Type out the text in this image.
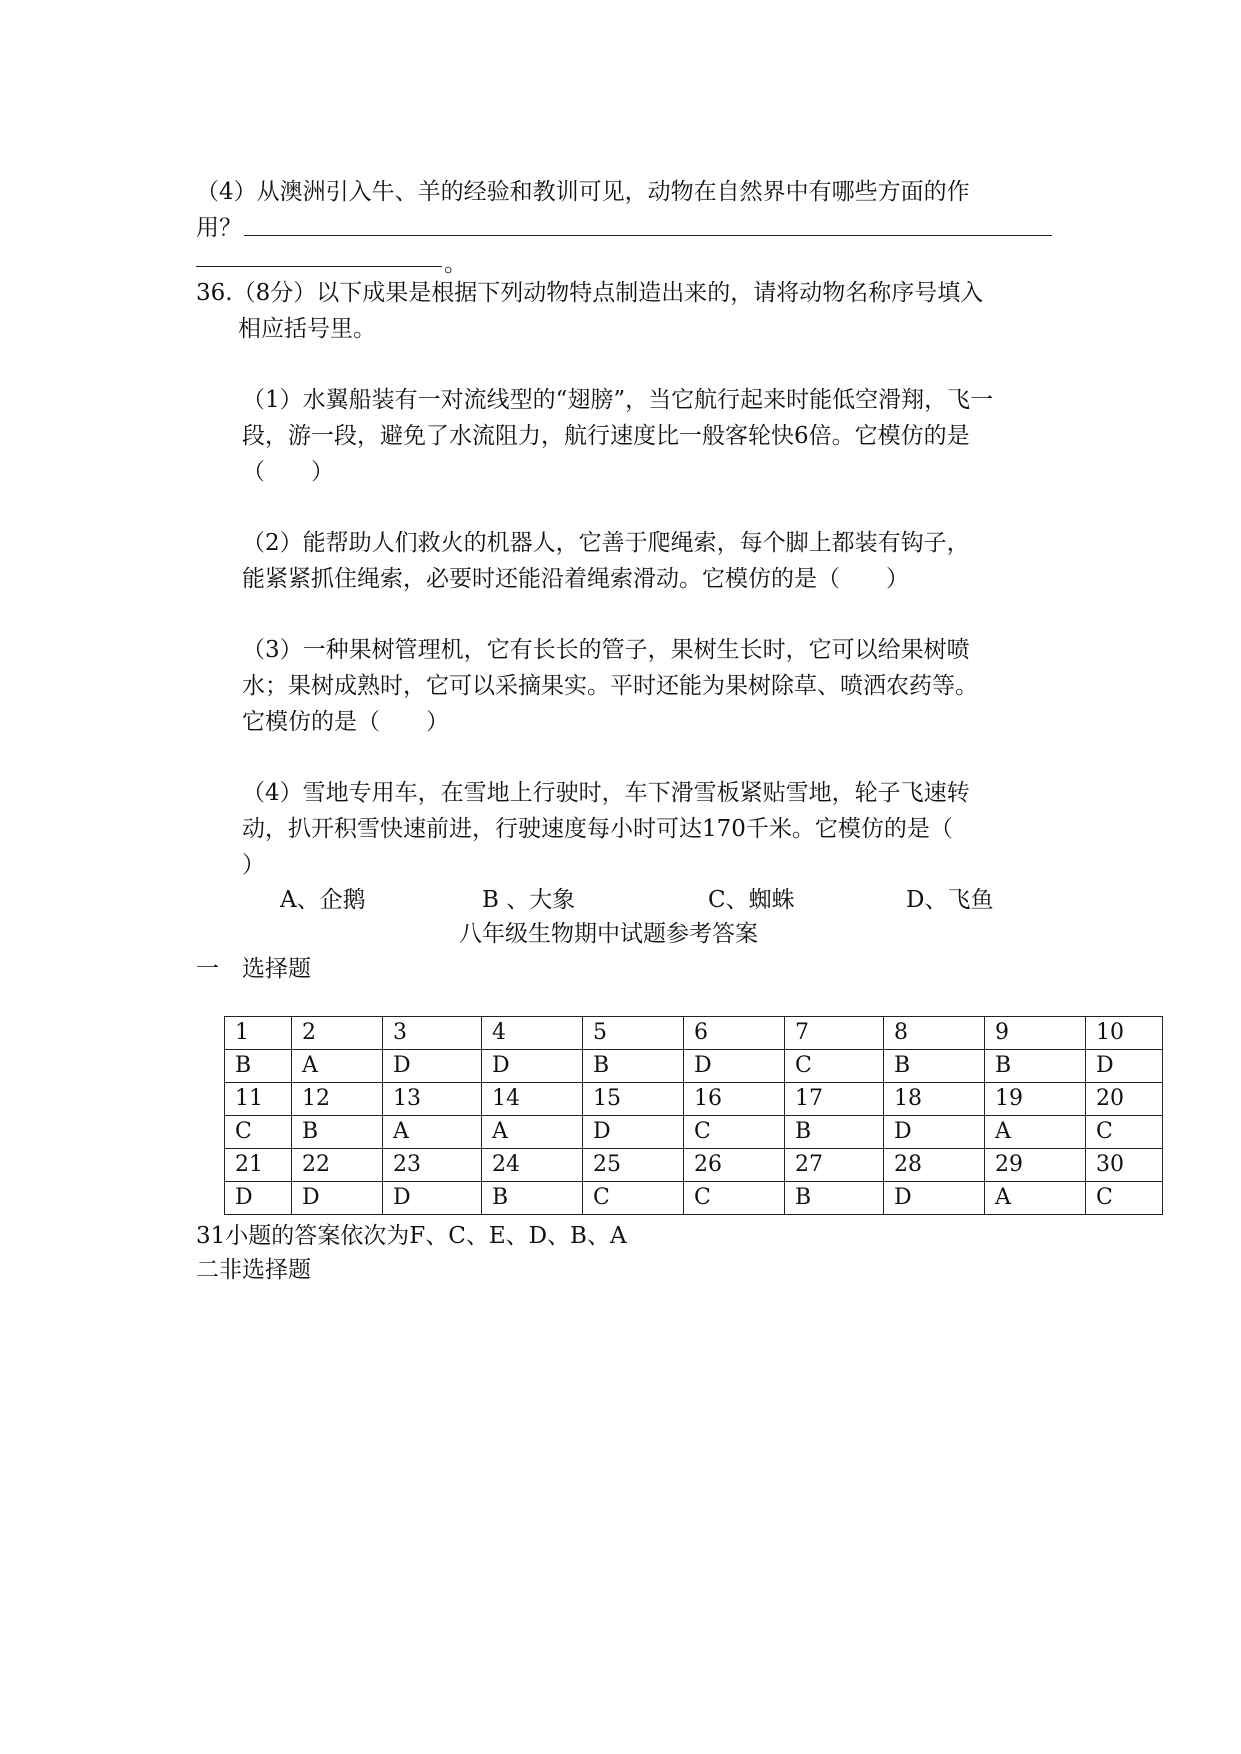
（4）从澳洲引入牛、羊的经验和教训可见，动物在自然界中有哪些方面的作
用？
。
36.（8分）以下成果是根据下列动物特点制造出来的，请将动物名称序号填入
相应括号里。
（1）水翼船装有一对流线型的“翅膀”，当它航行起来时能低空滑翔，飞一
段，游一段，避免了水流阻力，航行速度比一般客轮快6倍。它模仿的是
（　　）
（2）能帮助人们救火的机器人，它善于爬绳索，每个脚上都装有钩子，
能紧紧抓住绳索，必要时还能沿着绳索滑动。它模仿的是（　　）
（3）一种果树管理机，它有长长的管子，果树生长时，它可以给果树喷
水；果树成熟时，它可以采摘果实。平时还能为果树除草、喷洒农药等。
它模仿的是（　　）
（4）雪地专用车，在雪地上行驶时，车下滑雪板紧贴雪地，轮子飞速转
动，扒开积雪快速前进，行驶速度每小时可达170千米。它模仿的是（
）
A、企鹅	B 、大象	C、蜘蛛	D、飞鱼
八年级生物期中试题参考答案
一　选择题
1	2	3	4	5	6	7	8	9	10
B	A	D	D	B	D	C	B	B	D
11	12	13	14	15	16	17	18	19	20
C	B	A	A	D	C	B	D	A	C
21	22	23	24	25	26	27	28	29	30
D	D	D	B	C	C	B	D	A	C
31小题的答案依次为F、C、E、D、B、A
二非选择题
